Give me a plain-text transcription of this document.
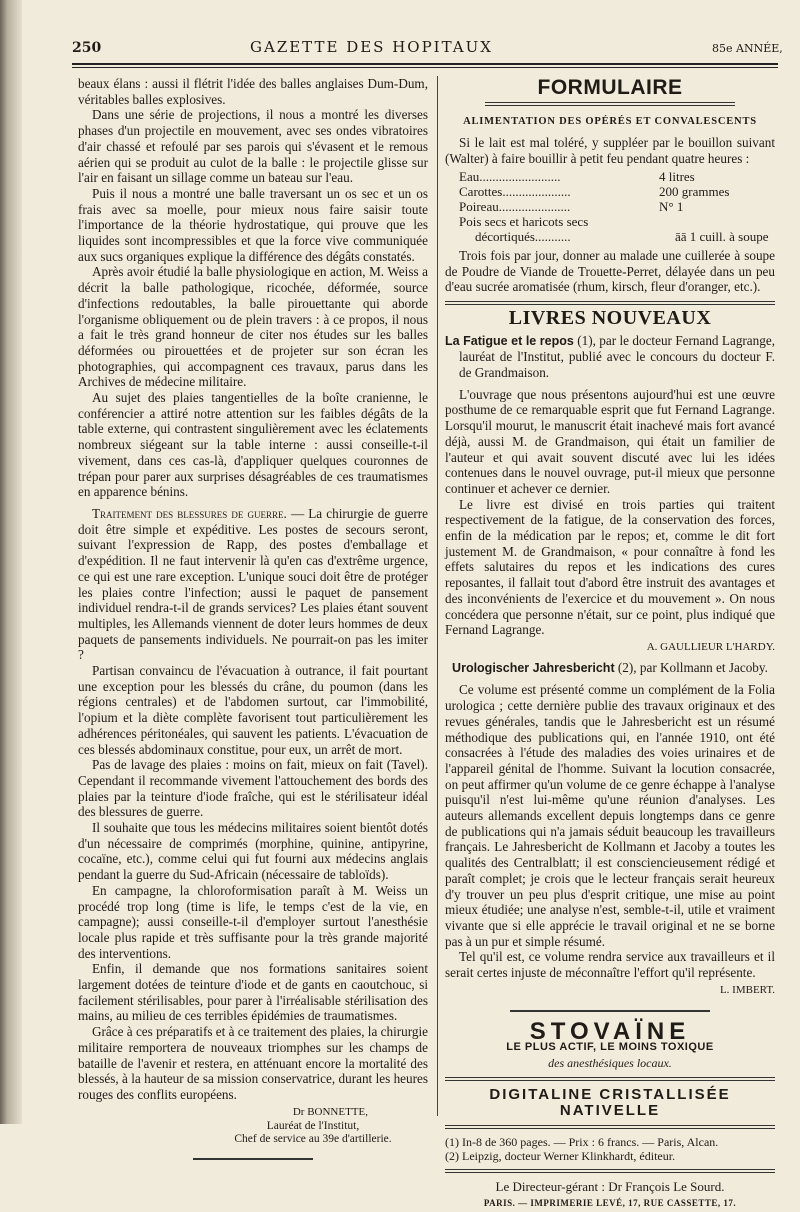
250	GAZETTE DES HOPITAUX	85e ANNÉE,

beaux élans : aussi il flétrit l'idée des balles anglaises Dum-Dum, véritables balles explosives.

Dans une série de projections, il nous a montré les diverses phases d'un projectile en mouvement, avec ses ondes vibratoires d'air chassé et refoulé par ses parois qui s'évasent et le remous aérien qui se produit au culot de la balle : le projectile glisse sur l'air en faisant un sillage comme un bateau sur l'eau.

Puis il nous a montré une balle traversant un os sec et un os frais avec sa moelle, pour mieux nous faire saisir toute l'importance de la théorie hydrostatique, qui prouve que les liquides sont incompressibles et que la force vive communiquée aux sucs organiques explique la différence des dégâts constatés.

Après avoir étudié la balle physiologique en action, M. Weiss a décrit la balle pathologique, ricochée, déformée, source d'infections redoutables, la balle pirouettante qui aborde l'organisme obliquement ou de plein travers : à ce propos, il nous a fait le très grand honneur de citer nos études sur les balles déformées ou pirouettées et de projeter sur son écran les photographies, qui accompagnent ces travaux, parus dans les Archives de médecine militaire.

Au sujet des plaies tangentielles de la boîte cranienne, le conférencier a attiré notre attention sur les faibles dégâts de la table externe, qui contrastent singulièrement avec les éclatements nombreux siégeant sur la table interne : aussi conseille-t-il vivement, dans ces cas-là, d'appliquer quelques couronnes de trépan pour parer aux surprises désagréables de ces traumatismes en apparence bénins.

Traitement des blessures de guerre. — La chirurgie de guerre doit être simple et expéditive. Les postes de secours seront, suivant l'expression de Rapp, des postes d'emballage et d'expédition. Il ne faut intervenir là qu'en cas d'extrême urgence, ce qui est une rare exception. L'unique souci doit être de protéger les plaies contre l'infection; aussi le paquet de pansement individuel rendra-t-il de grands services? Les plaies étant souvent multiples, les Allemands viennent de doter leurs hommes de deux paquets de pansements individuels. Ne pourrait-on pas les imiter ?

Partisan convaincu de l'évacuation à outrance, il fait pourtant une exception pour les blessés du crâne, du poumon (dans les régions centrales) et de l'abdomen surtout, car l'immobilité, l'opium et la diète complète favorisent tout particulièrement les adhérences péritonéales, qui sauvent les patients. L'évacuation de ces blessés abdominaux constitue, pour eux, un arrêt de mort.

Pas de lavage des plaies : moins on fait, mieux on fait (Tavel). Cependant il recommande vivement l'attouchement des bords des plaies par la teinture d'iode fraîche, qui est le stérilisateur idéal des blessures de guerre.

Il souhaite que tous les médecins militaires soient bientôt dotés d'un nécessaire de comprimés (morphine, quinine, antipyrine, cocaïne, etc.), comme celui qui fut fourni aux médecins anglais pendant la guerre du Sud-Africain (nécessaire de tabloïds).

En campagne, la chloroformisation paraît à M. Weiss un procédé trop long (time is life, le temps c'est de la vie, en campagne); aussi conseille-t-il d'employer surtout l'anesthésie locale plus rapide et très suffisante pour la très grande majorité des interventions.

Enfin, il demande que nos formations sanitaires soient largement dotées de teinture d'iode et de gants en caoutchouc, si facilement stérilisables, pour parer à l'irréalisable stérilisation des mains, au milieu de ces terribles épidémies de traumatismes.

Grâce à ces préparatifs et à ce traitement des plaies, la chirurgie militaire remportera de nouveaux triomphes sur les champs de bataille de l'avenir et restera, en atténuant encore la mortalité des blessés, à la hauteur de sa mission conservatrice, durant les heures rouges des conflits européens.

Dr BONNETTE,
Lauréat de l'Institut,
Chef de service au 39e d'artillerie.
FORMULAIRE
ALIMENTATION DES OPÉRÉS ET CONVALESCENTS

Si le lait est mal toléré, y suppléer par le bouillon suivant (Walter) à faire bouillir à petit feu pendant quatre heures :

Eau.........................	4 litres
Carottes.....................	200 grammes
Poireau......................	N° 1
Pois secs et haricots secs
décortiqués...........	āā 1 cuill. à soupe

Trois fois par jour, donner au malade une cuillerée à soupe de Poudre de Viande de Trouette-Perret, délayée dans un peu d'eau sucrée aromatisée (rhum, kirsch, fleur d'oranger, etc.).

LIVRES NOUVEAUX

La Fatigue et le repos (1), par le docteur Fernand Lagrange, lauréat de l'Institut, publié avec le concours du docteur F. de Grandmaison.

L'ouvrage que nous présentons aujourd'hui est une œuvre posthume de ce remarquable esprit que fut Fernand Lagrange. Lorsqu'il mourut, le manuscrit était inachevé mais fort avancé déjà, aussi M. de Grandmaison, qui était un familier de l'auteur et qui avait souvent discuté avec lui les idées contenues dans le nouvel ouvrage, put-il mieux que personne continuer et achever ce dernier.

Le livre est divisé en trois parties qui traitent respectivement de la fatigue, de la conservation des forces, enfin de la médication par le repos; et, comme le dit fort justement M. de Grandmaison, « pour connaître à fond les effets salutaires du repos et les indications des cures reposantes, il fallait tout d'abord être instruit des avantages et des inconvénients de l'exercice et du mouvement ». On nous concédera que personne n'était, sur ce point, plus indiqué que Fernand Lagrange.

A. GAULLIEUR L'HARDY.

Urologischer Jahresbericht (2), par Kollmann et Jacoby.

Ce volume est présenté comme un complément de la Folia urologica ; cette dernière publie des travaux originaux et des revues générales, tandis que le Jahresbericht est un résumé méthodique des publications qui, en l'année 1910, ont été consacrées à l'étude des maladies des voies urinaires et de l'appareil génital de l'homme. Suivant la locution consacrée, on peut affirmer qu'un volume de ce genre échappe à l'analyse puisqu'il n'est lui-même qu'une réunion d'analyses. Les auteurs allemands excellent depuis longtemps dans ce genre de publications qui n'a jamais séduit beaucoup les travailleurs français. Le Jahresbericht de Kollmann et Jacoby a toutes les qualités des Centralblatt; il est consciencieusement rédigé et paraît complet; je crois que le lecteur français serait heureux d'y trouver un peu plus d'esprit critique, une mise au point mieux étudiée; une analyse n'est, semble-t-il, utile et vraiment vivante que si elle apprécie le travail original et ne se borne pas à un pur et simple résumé.

Tel qu'il est, ce volume rendra service aux travailleurs et il serait certes injuste de méconnaître l'effort qu'il représente.

L. IMBERT.
STOVAÏNE
LE PLUS ACTIF, LE MOINS TOXIQUE
des anesthésiques locaux.
DIGITALINE CRISTALLISÉE NATIVELLE
(1) In-8 de 360 pages. — Prix : 6 francs. — Paris, Alcan.
(2) Leipzig, docteur Werner Klinkhardt, éditeur.
Le Directeur-gérant : Dr François Le Sourd.
PARIS. — IMPRIMERIE LEVÉ, 17, RUE CASSETTE, 17.
